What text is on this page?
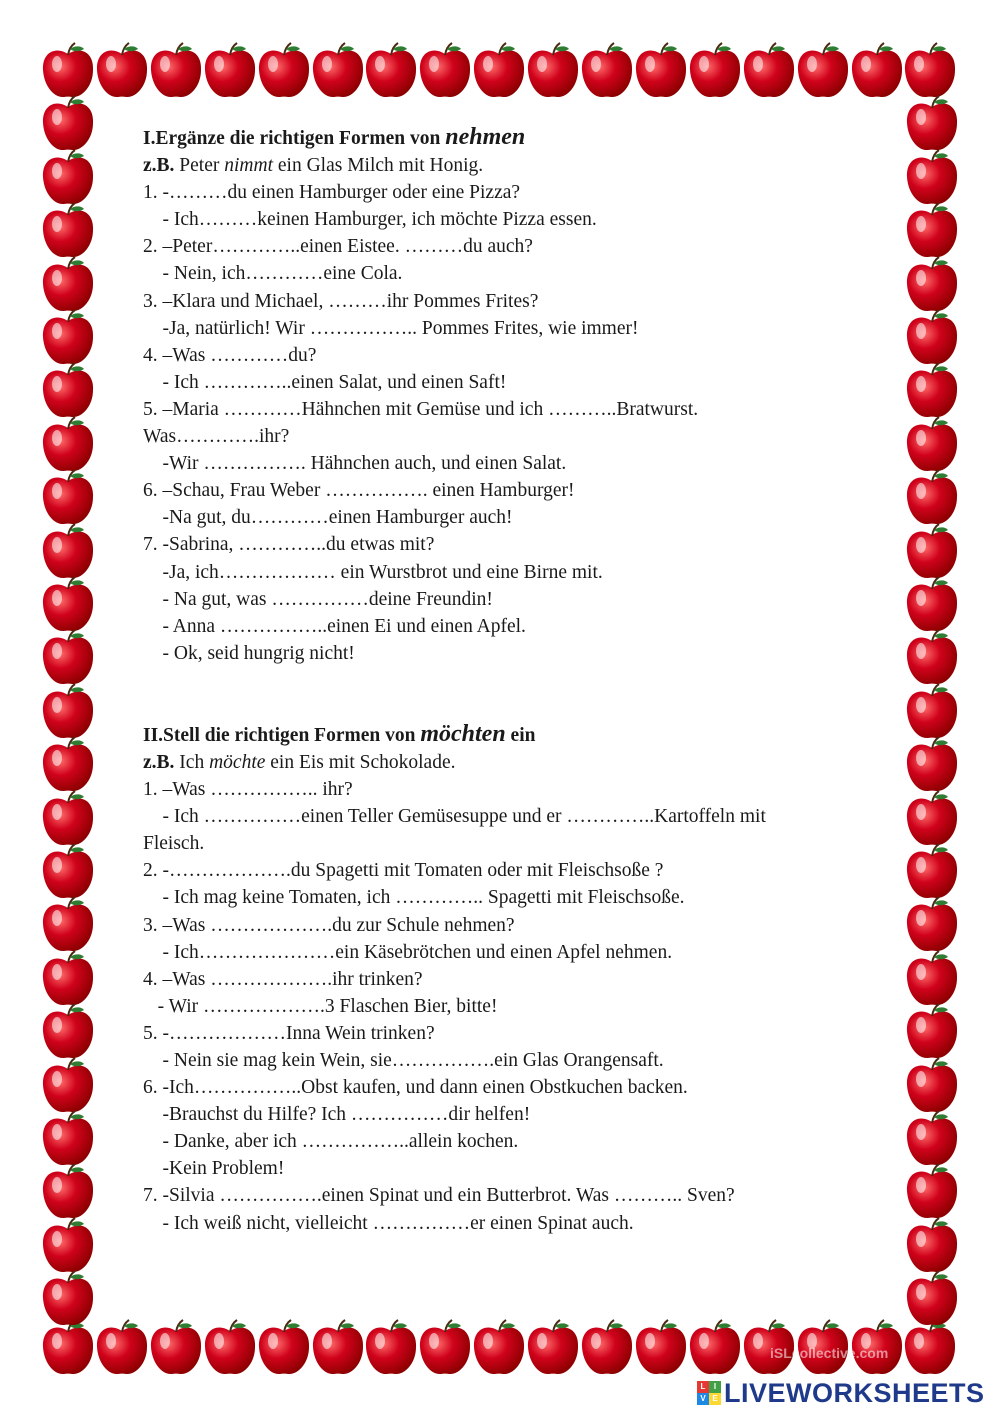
I.Ergänze die richtigen Formen von nehmen
z.B. Peter nimmt ein Glas Milch mit Honig.
1. -………du einen Hamburger oder eine Pizza?
- Ich………keinen Hamburger, ich möchte Pizza essen.
2. –Peter…………..einen Eistee. ………du auch?
- Nein, ich…………eine Cola.
3. –Klara und Michael, ………ihr Pommes Frites?
-Ja, natürlich! Wir …………….. Pommes Frites, wie immer!
4. –Was …………du?
- Ich …………..einen Salat, und einen Saft!
5. –Maria …………Hähnchen mit Gemüse und ich ………..Bratwurst.
Was………….ihr?
-Wir ……………. Hähnchen auch, und einen Salat.
6. –Schau, Frau Weber ……………. einen Hamburger!
-Na gut, du…………einen Hamburger auch!
7. -Sabrina, …………..du etwas mit?
-Ja, ich……………… ein Wurstbrot und eine Birne mit.
- Na gut, was ……………deine Freundin!
- Anna ……………..einen Ei und einen Apfel.
- Ok, seid hungrig nicht!
II.Stell die richtigen Formen von möchten ein
z.B. Ich möchte ein Eis mit Schokolade.
1. –Was …………….. ihr?
- Ich ……………einen Teller Gemüsesuppe und er …………..Kartoffeln mit
Fleisch.
2. -……………….du Spagetti mit Tomaten oder mit Fleischsoße ?
- Ich mag keine Tomaten, ich ………….. Spagetti mit Fleischsoße.
3. –Was ……………….du zur Schule nehmen?
- Ich…………………ein Käsebrötchen und einen Apfel nehmen.
4. –Was ……………….ihr trinken?
- Wir ……………….3 Flaschen Bier, bitte!
5. -………………Inna Wein trinken?
- Nein sie mag kein Wein, sie…………….ein Glas Orangensaft.
6. -Ich……………..Obst kaufen, und dann einen Obstkuchen backen.
-Brauchst du Hilfe? Ich ……………dir helfen!
- Danke, aber ich ……………..allein kochen.
-Kein Problem!
7. -Silvia …………….einen Spinat und ein Butterbrot. Was ……….. Sven?
- Ich weiß nicht, vielleicht ……………er einen Spinat auch.
iSLcollective.com
L	I
V E LIVEWORKSHEETS
